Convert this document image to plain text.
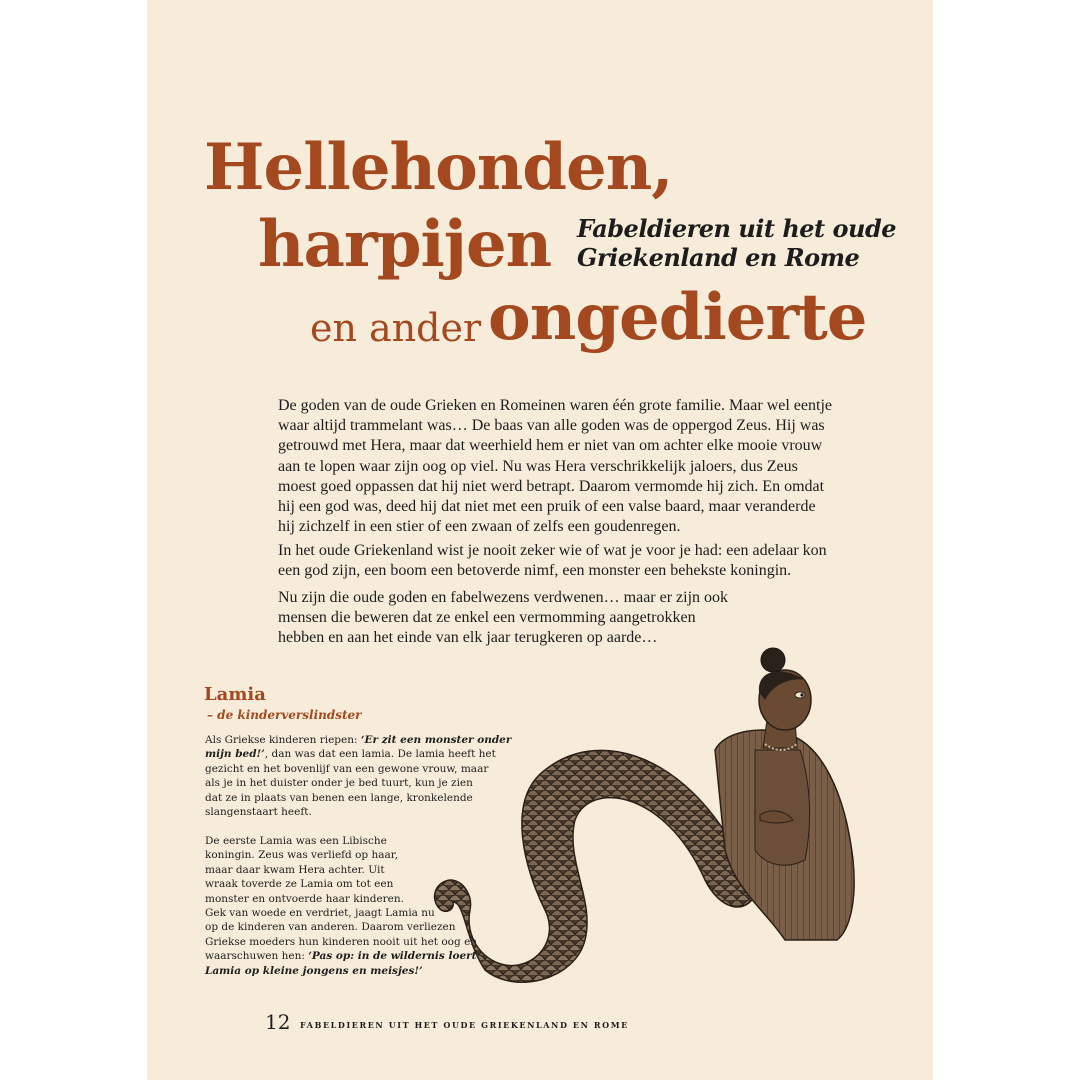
Hellehonden,
harpijen
en ander ongedierte
Fabeldieren uit het oude
Griekenland en Rome

De goden van de oude Grieken en Romeinen waren één grote familie. Maar wel eentje
waar altijd trammelant was… De baas van alle goden was de oppergod Zeus. Hij was
getrouwd met Hera, maar dat weerhield hem er niet van om achter elke mooie vrouw
aan te lopen waar zijn oog op viel. Nu was Hera verschrikkelijk jaloers, dus Zeus
moest goed oppassen dat hij niet werd betrapt. Daarom vermomde hij zich. En omdat
hij een god was, deed hij dat niet met een pruik of een valse baard, maar veranderde
hij zichzelf in een stier of een zwaan of zelfs een goudenregen.

In het oude Griekenland wist je nooit zeker wie of wat je voor je had: een adelaar kon
een god zijn, een boom een betoverde nimf, een monster een behekste koningin.

Nu zijn die oude goden en fabelwezens verdwenen… maar er zijn ook
mensen die beweren dat ze enkel een vermomming aangetrokken
hebben en aan het einde van elk jaar terugkeren op aarde…

Lamia
– de kinderverslindster

Als Griekse kinderen riepen: ‘Er zit een monster onder
mijn bed!’, dan was dat een lamia. De lamia heeft het
gezicht en het bovenlijf van een gewone vrouw, maar
als je in het duister onder je bed tuurt, kun je zien
dat ze in plaats van benen een lange, kronkelende
slangenstaart heeft.

De eerste Lamia was een Libische
koningin. Zeus was verliefd op haar,
maar daar kwam Hera achter. Uit
wraak toverde ze Lamia om tot een
monster en ontvoerde haar kinderen.
Gek van woede en verdriet, jaagt Lamia nu
op de kinderen van anderen. Daarom verliezen
Griekse moeders hun kinderen nooit uit het oog en
waarschuwen hen: ‘Pas op: in de wildernis loert
Lamia op kleine jongens en meisjes!’

12 FABELDIEREN UIT HET OUDE GRIEKENLAND EN ROME
